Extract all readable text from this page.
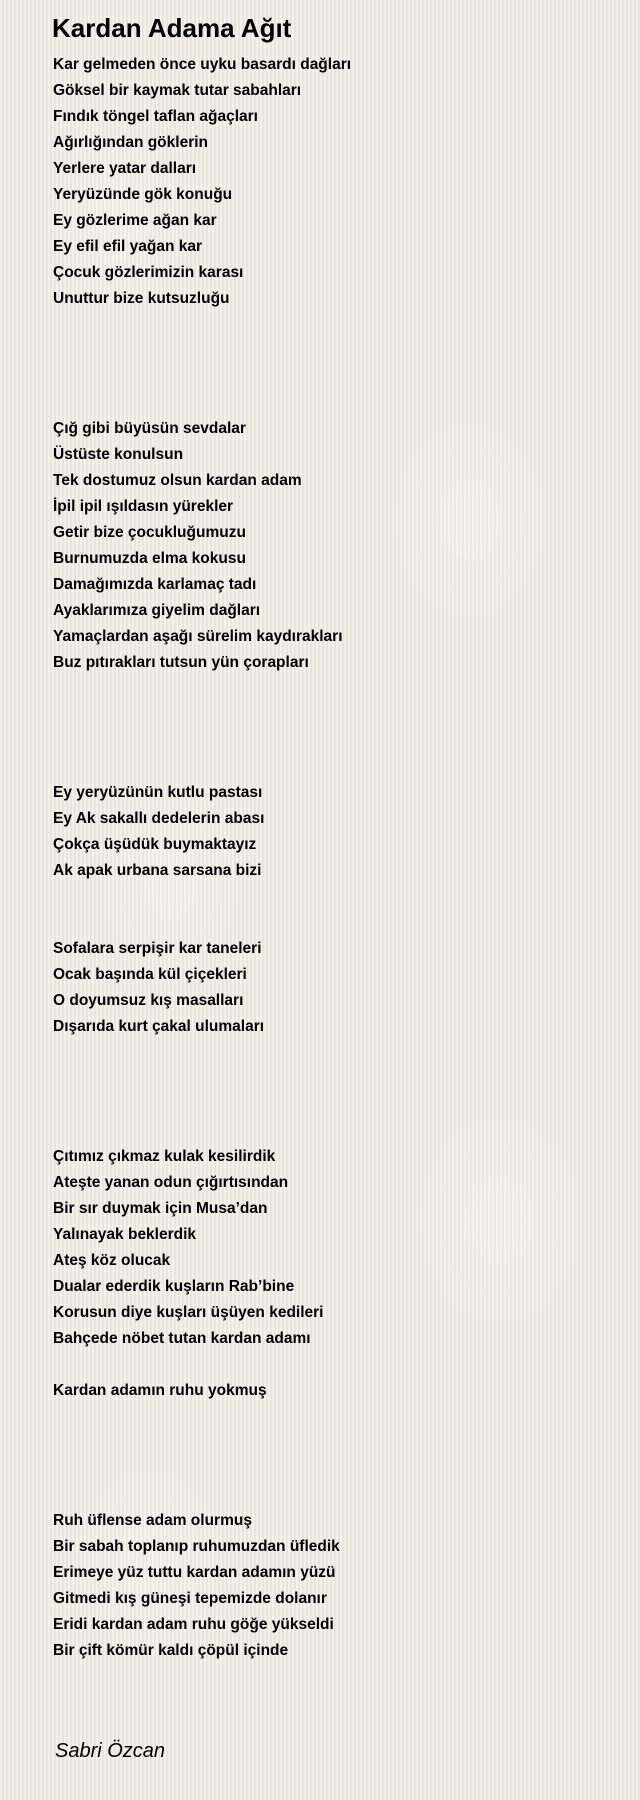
Kardan Adama Ağıt
Kar gelmeden önce uyku basardı dağları
Göksel bir kaymak tutar sabahları
Fındık töngel taflan ağaçları
Ağırlığından göklerin
Yerlere yatar dalları
Yeryüzünde gök konuğu
Ey gözlerime ağan kar
Ey efil efil yağan kar
Çocuk gözlerimizin karası
Unuttur bize kutsuzluğu
Çığ gibi büyüsün sevdalar
Üstüste konulsun
Tek dostumuz olsun kardan adam
İpil ipil ışıldasın yürekler
Getir bize çocukluğumuzu
Burnumuzda elma kokusu
Damağımızda karlamaç tadı
Ayaklarımıza giyelim dağları
Yamaçlardan aşağı sürelim kaydırakları
Buz pıtırakları tutsun yün çorapları
Ey yeryüzünün kutlu pastası
Ey Ak sakallı dedelerin abası
Çokça üşüdük buymaktayız
Ak apak urbana sarsana bizi
Sofalara serpişir kar taneleri
Ocak başında kül çiçekleri
O doyumsuz kış masalları
Dışarıda kurt çakal ulumaları
Çıtımız çıkmaz kulak kesilirdik
Ateşte yanan odun çığırtısından
Bir sır duymak için Musa’dan
Yalınayak beklerdik
Ateş köz olucak
Dualar ederdik kuşların Rab’bine
Korusun diye kuşları üşüyen kedileri
Bahçede nöbet tutan kardan adamı
Kardan adamın ruhu yokmuş
Ruh üflense adam olurmuş
Bir sabah toplanıp ruhumuzdan üfledik
Erimeye yüz tuttu kardan adamın yüzü
Gitmedi kış güneşi tepemizde dolanır
Eridi kardan adam ruhu göğe yükseldi
Bir çift kömür kaldı çöpül içinde
Sabri Özcan
